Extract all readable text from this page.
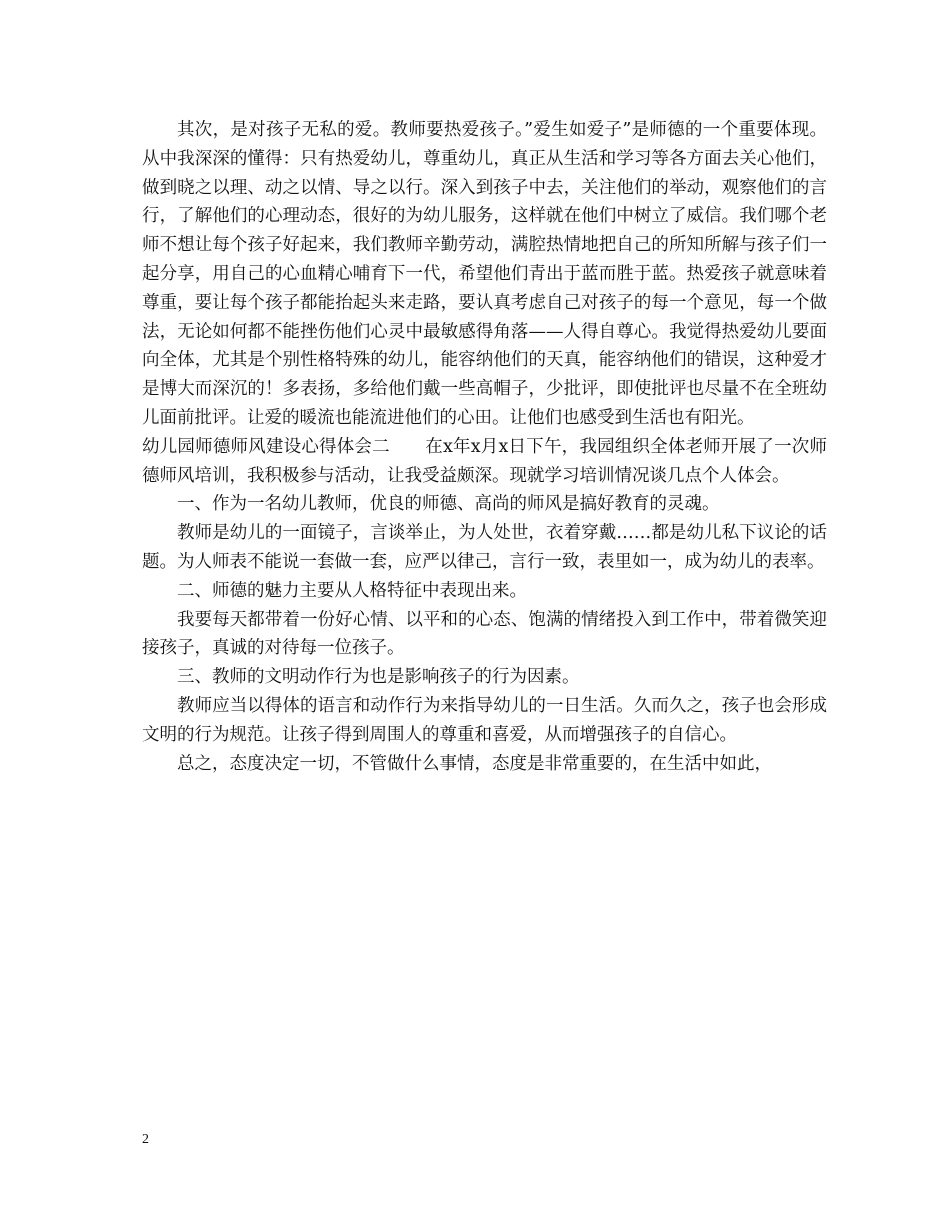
其次，是对孩子无私的爱。教师要热爱孩子。”爱生如爱子”是师德的一个重要体现。从中我深深的懂得：只有热爱幼儿，尊重幼儿，真正从生活和学习等各方面去关心他们，做到晓之以理、动之以情、导之以行。深入到孩子中去，关注他们的举动，观察他们的言行，了解他们的心理动态，很好的为幼儿服务，这样就在他们中树立了威信。我们哪个老师不想让每个孩子好起来，我们教师辛勤劳动，满腔热情地把自己的所知所解与孩子们一起分享，用自己的心血精心哺育下一代，希望他们青出于蓝而胜于蓝。热爱孩子就意味着尊重，要让每个孩子都能抬起头来走路，要认真考虑自己对孩子的每一个意见，每一个做法，无论如何都不能挫伤他们心灵中最敏感得角落——人得自尊心。我觉得热爱幼儿要面向全体，尤其是个别性格特殊的幼儿，能容纳他们的天真，能容纳他们的错误，这种爱才是博大而深沉的！多表扬，多给他们戴一些高帽子，少批评，即使批评也尽量不在全班幼儿面前批评。让爱的暖流也能流进他们的心田。让他们也感受到生活也有阳光。

幼儿园师德师风建设心得体会二　　在x年x月x日下午，我园组织全体老师开展了一次师德师风培训，我积极参与活动，让我受益颇深。现就学习培训情况谈几点个人体会。

一、作为一名幼儿教师，优良的师德、高尚的师风是搞好教育的灵魂。

教师是幼儿的一面镜子，言谈举止，为人处世，衣着穿戴……都是幼儿私下议论的话题。为人师表不能说一套做一套，应严以律己，言行一致，表里如一，成为幼儿的表率。

二、师德的魅力主要从人格特征中表现出来。

我要每天都带着一份好心情、以平和的心态、饱满的情绪投入到工作中，带着微笑迎接孩子，真诚的对待每一位孩子。

三、教师的文明动作行为也是影响孩子的行为因素。

教师应当以得体的语言和动作行为来指导幼儿的一日生活。久而久之，孩子也会形成文明的行为规范。让孩子得到周围人的尊重和喜爱，从而增强孩子的自信心。

总之，态度决定一切，不管做什么事情，态度是非常重要的，在生活中如此，

2
